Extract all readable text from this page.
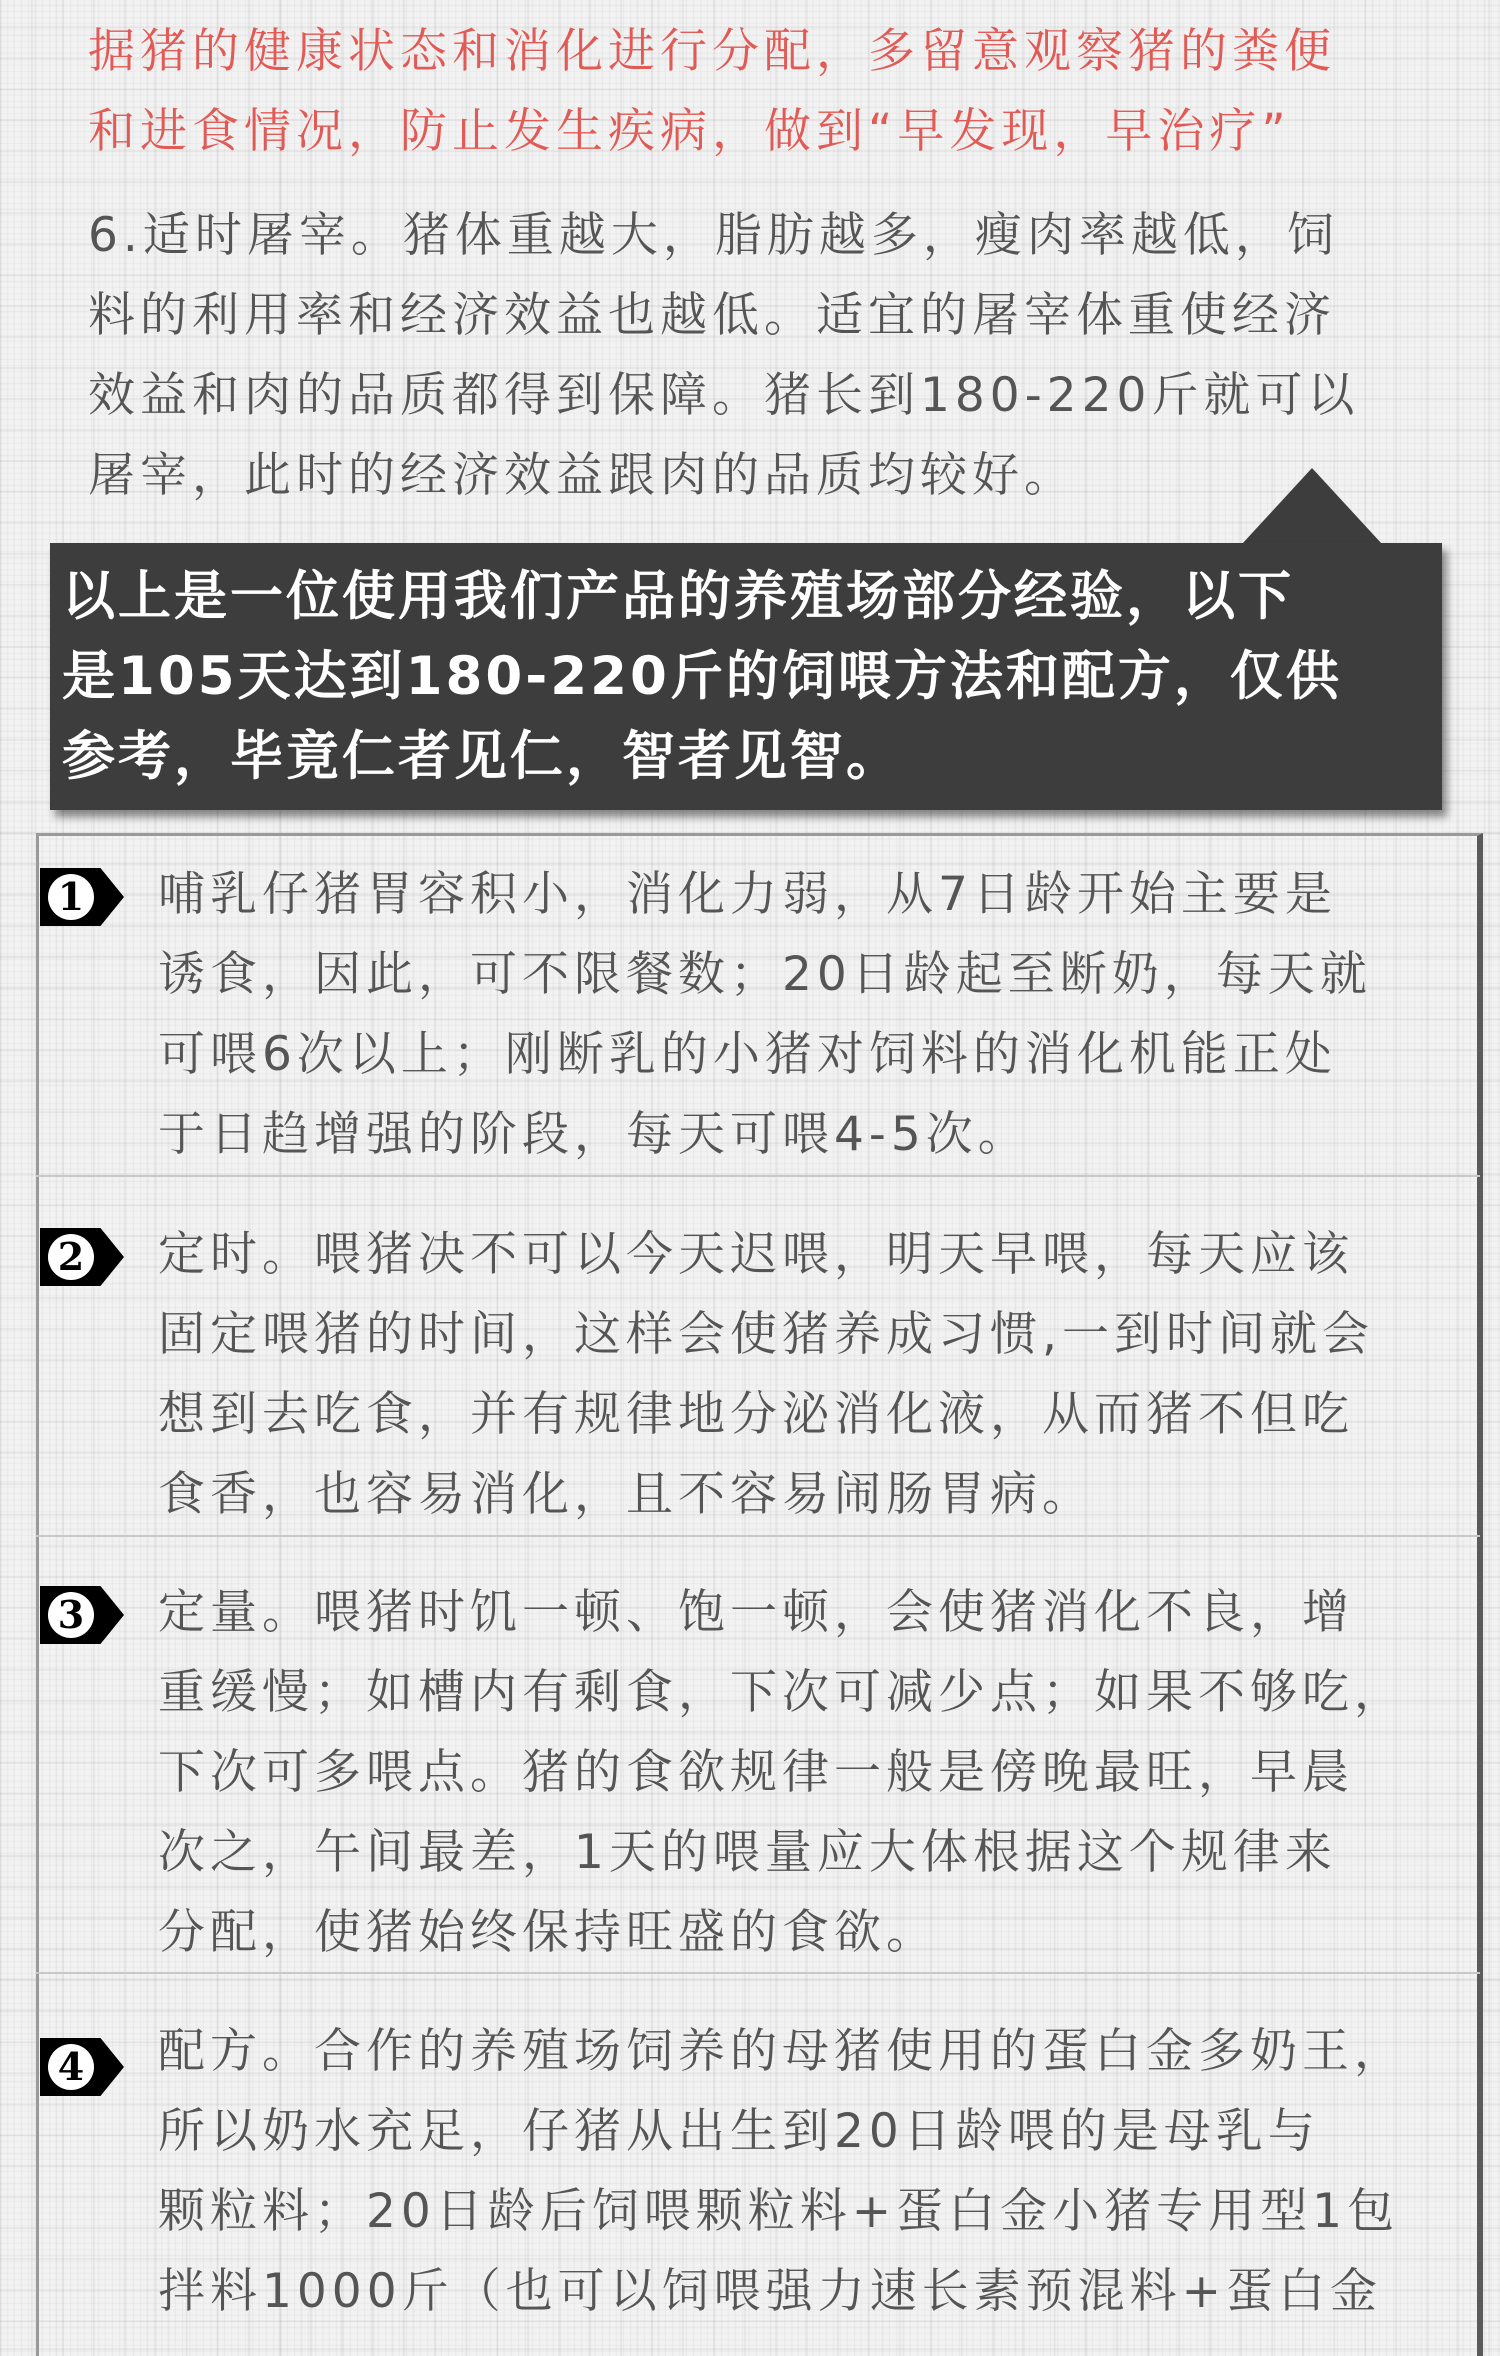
据猪的健康状态和消化进行分配，多留意观察猪的粪便
和进食情况，防止发生疾病，做到“早发现，早治疗”
6.适时屠宰。猪体重越大，脂肪越多，瘦肉率越低，饲
料的利用率和经济效益也越低。适宜的屠宰体重使经济
效益和肉的品质都得到保障。猪长到180-220斤就可以
屠宰，此时的经济效益跟肉的品质均较好。
以上是一位使用我们产品的养殖场部分经验，以下
是105天达到180-220斤的饲喂方法和配方，仅供
参考，毕竟仁者见仁，智者见智。
1 哺乳仔猪胃容积小，消化力弱，从7日龄开始主要是
诱食，因此，可不限餐数；20日龄起至断奶，每天就
可喂6次以上；刚断乳的小猪对饲料的消化机能正处
于日趋增强的阶段，每天可喂4-5次。
2 定时。喂猪决不可以今天迟喂，明天早喂，每天应该
固定喂猪的时间，这样会使猪养成习惯,一到时间就会
想到去吃食，并有规律地分泌消化液，从而猪不但吃
食香，也容易消化，且不容易闹肠胃病。
3 定量。喂猪时饥一顿、饱一顿，会使猪消化不良，增
重缓慢；如槽内有剩食，下次可减少点；如果不够吃，
下次可多喂点。猪的食欲规律一般是傍晚最旺，早晨
次之，午间最差，1天的喂量应大体根据这个规律来
分配，使猪始终保持旺盛的食欲。
4 配方。合作的养殖场饲养的母猪使用的蛋白金多奶王，
所以奶水充足，仔猪从出生到20日龄喂的是母乳与
颗粒料；20日龄后饲喂颗粒料+蛋白金小猪专用型1包
拌料1000斤（也可以饲喂强力速长素预混料+蛋白金
